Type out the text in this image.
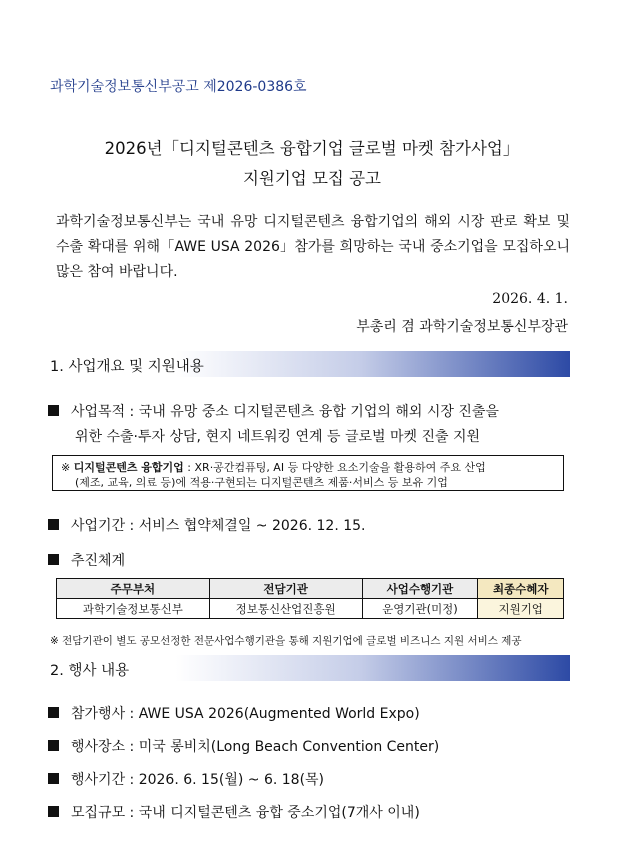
과학기술정보통신부공고 제2026-0386호
2026년「디지털콘텐츠 융합기업 글로벌 마켓 참가사업」
지원기업 모집 공고
과학기술정보통신부는 국내 유망 디지털콘텐츠 융합기업의 해외 시장 판로 확보 및 수출 확대를 위해「AWE USA 2026」참가를 희망하는 국내 중소기업을 모집하오니 많은 참여 바랍니다.
2026. 4. 1.
부총리 겸 과학기술정보통신부장관
1. 사업개요 및 지원내용
사업목적 : 국내 유망 중소 디지털콘텐츠 융합 기업의 해외 시장 진출을
위한 수출·투자 상담, 현지 네트워킹 연계 등 글로벌 마켓 진출 지원
※ 디지털콘텐츠 융합기업 : XR·공간컴퓨팅, AI 등 다양한 요소기술을 활용하여 주요 산업
(제조, 교육, 의료 등)에 적용·구현되는 디지털콘텐츠 제품·서비스 등 보유 기업
사업기간 : 서비스 협약체결일 ~ 2026. 12. 15.
추진체계
주무부처	전담기관	사업수행기관	최종수혜자
과학기술정보통신부	정보통신산업진흥원	운영기관(미정)	지원기업
※ 전담기관이 별도 공모선정한 전문사업수행기관을 통해 지원기업에 글로벌 비즈니스 지원 서비스 제공
2. 행사 내용
참가행사 : AWE USA 2026(Augmented World Expo)
행사장소 : 미국 롱비치(Long Beach Convention Center)
행사기간 : 2026. 6. 15(월) ~ 6. 18(목)
모집규모 : 국내 디지털콘텐츠 융합 중소기업(7개사 이내)
